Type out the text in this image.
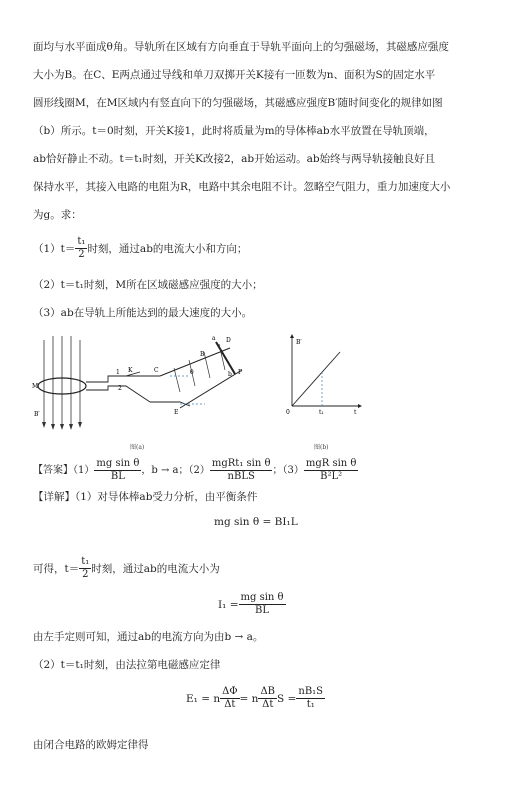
面均与水平面成θ角。导轨所在区域有方向垂直于导轨平面向上的匀强磁场，其磁感应强度
大小为B。在C、E两点通过导线和单刀双掷开关K接有一匝数为n、面积为S的固定水平
圆形线圈M，在M区域内有竖直向下的匀强磁场，其磁感应强度B′随时间变化的规律如图
（b）所示。t＝0时刻，开关K接1，此时将质量为m的导体棒ab水平放置在导轨顶端，
ab恰好静止不动。t＝t₁时刻，开关K改接2，ab开始运动。ab始终与两导轨接触良好且
保持水平，其接入电路的电阻为R，电路中其余电阻不计。忽略空气阻力，重力加速度大小
为g。求：
$(1)t= \frac{\text{t₁}}{2}$ 时刻，通过ab的电流大小和方向；
（2）t＝t₁时刻，M所在区域磁感应强度的大小；
（3）ab在导轨上所能达到的最大速度的大小。
M
B′
1
2
K	C
E
F
D
a
b
θ
B
B′
t
0	t₁
图(a)	图(b)
【答案】$(1) \frac{\text{mg sin θ}}{BL}$ ，b → a；$(2) \frac{\text{mgRt₁ sin θ}}{\text{nBLS}}$ ；$(3) \frac{\text{mgR sin θ}}{\text{B²L²}}$
【详解】（1）对导体棒ab受力分析，由平衡条件
mg sin θ = BI₁L
可得，$t= \frac{\text{t₁}}{2}$ 时刻，通过ab的电流大小为
$I_1 = \frac{\text{mg sin θ}}{BL}$
由左手定则可知，通过ab的电流方向为由b → a。
（2）t＝t₁时刻，由法拉第电磁感应定律
E₁ = n $\frac{\Delta\Phi}{\Delta t} = n \frac{\Delta B}{\Delta t}$ $S = \frac{\text{nB₁S}}{\text{t₁}}$
由闭合电路的欧姆定律得
